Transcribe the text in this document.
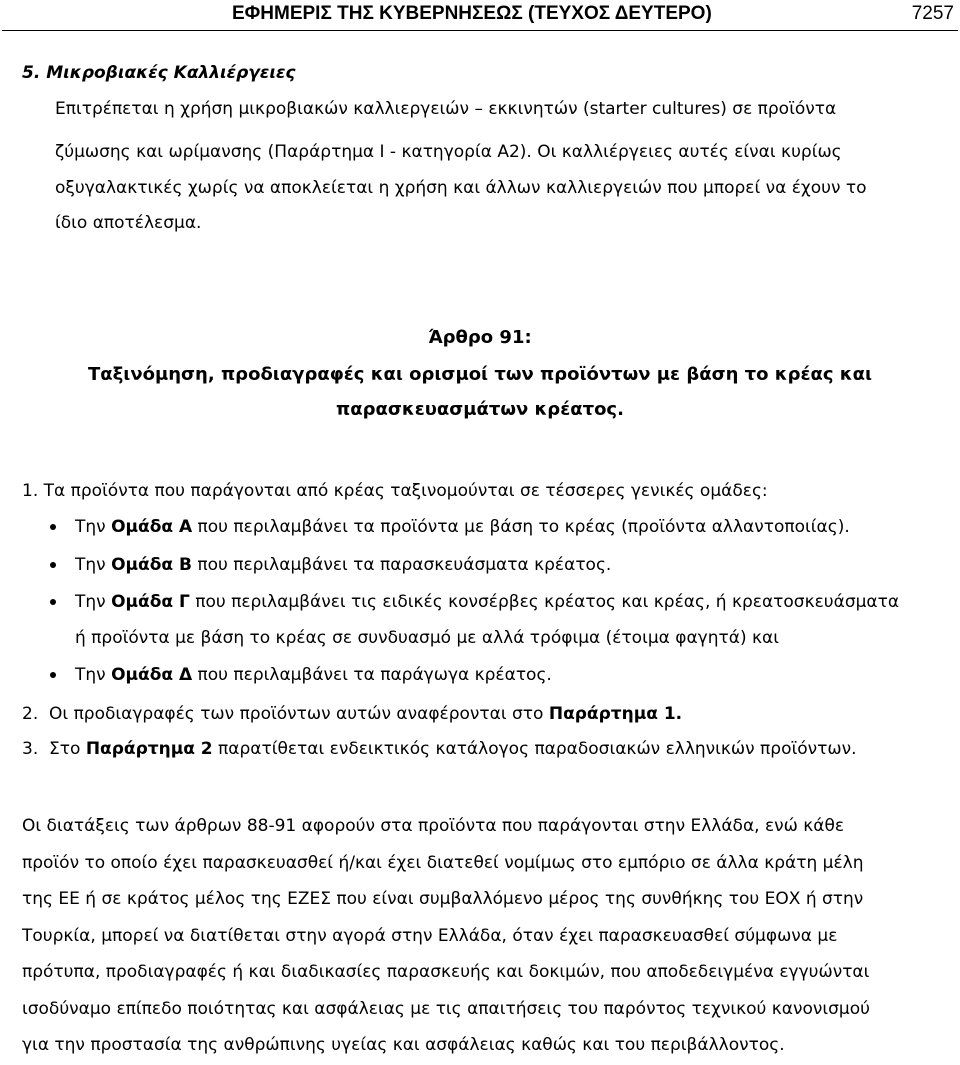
ΕΦΗΜΕΡΙΣ ΤΗΣ ΚΥΒΕΡΝΗΣΕΩΣ (ΤΕΥΧΟΣ ΔΕΥΤΕΡΟ)	7257
5. Μικροβιακές Καλλιέργειες
Επιτρέπεται η χρήση μικροβιακών καλλιεργειών – εκκινητών (starter cultures) σε προϊόντα
ζύμωσης και ωρίμανσης (Παράρτημα Ι - κατηγορία Α2). Οι καλλιέργειες αυτές είναι κυρίως
οξυγαλακτικές χωρίς να αποκλείεται η χρήση και άλλων καλλιεργειών που μπορεί να έχουν το
ίδιο αποτέλεσμα.
Άρθρο 91:
Ταξινόμηση, προδιαγραφές και ορισμοί των προϊόντων με βάση το κρέας και
παρασκευασμάτων κρέατος.
1. Τα προϊόντα που παράγονται από κρέας ταξινομούνται σε τέσσερες γενικές ομάδες:
Την Ομάδα Α που περιλαμβάνει τα προϊόντα με βάση το κρέας (προϊόντα αλλαντοποιίας).
Την Ομάδα Β που περιλαμβάνει τα παρασκευάσματα κρέατος.
Την Ομάδα Γ που περιλαμβάνει τις ειδικές κονσέρβες κρέατος και κρέας, ή κρεατοσκευάσματα
ή προϊόντα με βάση το κρέας σε συνδυασμό με αλλά τρόφιμα (έτοιμα φαγητά) και
Την Ομάδα Δ που περιλαμβάνει τα παράγωγα κρέατος.
2.  Οι προδιαγραφές των προϊόντων αυτών αναφέρονται στο Παράρτημα 1.
3.  Στο Παράρτημα 2 παρατίθεται ενδεικτικός κατάλογος παραδοσιακών ελληνικών προϊόντων.
Οι διατάξεις των άρθρων 88-91 αφορούν στα προϊόντα που παράγονται στην Ελλάδα, ενώ κάθε
προϊόν το οποίο έχει παρασκευασθεί ή/και έχει διατεθεί νομίμως στο εμπόριο σε άλλα κράτη μέλη
της ΕΕ ή σε κράτος μέλος της ΕΖΕΣ που είναι συμβαλλόμενο μέρος της συνθήκης του ΕΟΧ ή στην
Τουρκία, μπορεί να διατίθεται στην αγορά στην Ελλάδα, όταν έχει παρασκευασθεί σύμφωνα με
πρότυπα, προδιαγραφές ή και διαδικασίες παρασκευής και δοκιμών, που αποδεδειγμένα εγγυώνται
ισοδύναμο επίπεδο ποιότητας και ασφάλειας με τις απαιτήσεις του παρόντος τεχνικού κανονισμού
για την προστασία της ανθρώπινης υγείας και ασφάλειας καθώς και του περιβάλλοντος.
